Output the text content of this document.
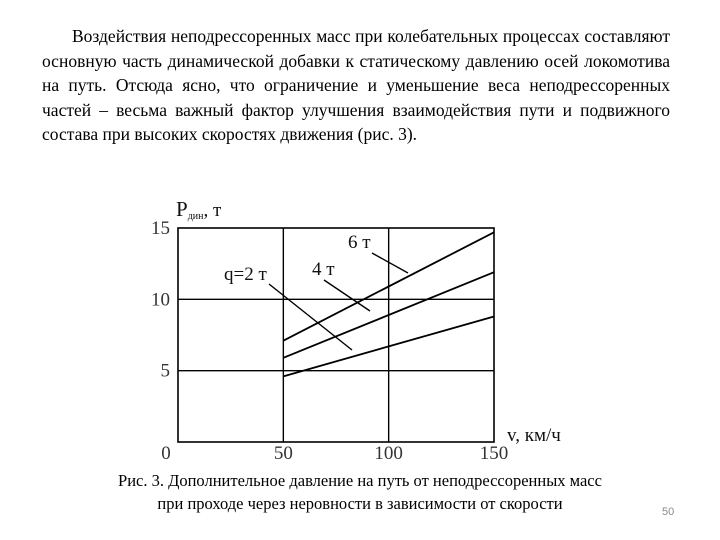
Воздействия неподрессоренных масс при колебательных процессах составляют основную часть динамической добавки к статическому давлению осей локомотива на путь. Отсюда ясно, что ограничение и уменьшение веса неподрессоренных частей – весьма важный фактор улучшения взаимодействия пути и подвижного состава при высоких скоростях движения (рис. 3).

0	50	100	150
5
10
15
Pдин, т
v, км/ч
q=2 т 4 т
6 т

Рис. 3. Дополнительное давление на путь от неподрессоренных масс
при проходе через неровности в зависимости от скорости	50
